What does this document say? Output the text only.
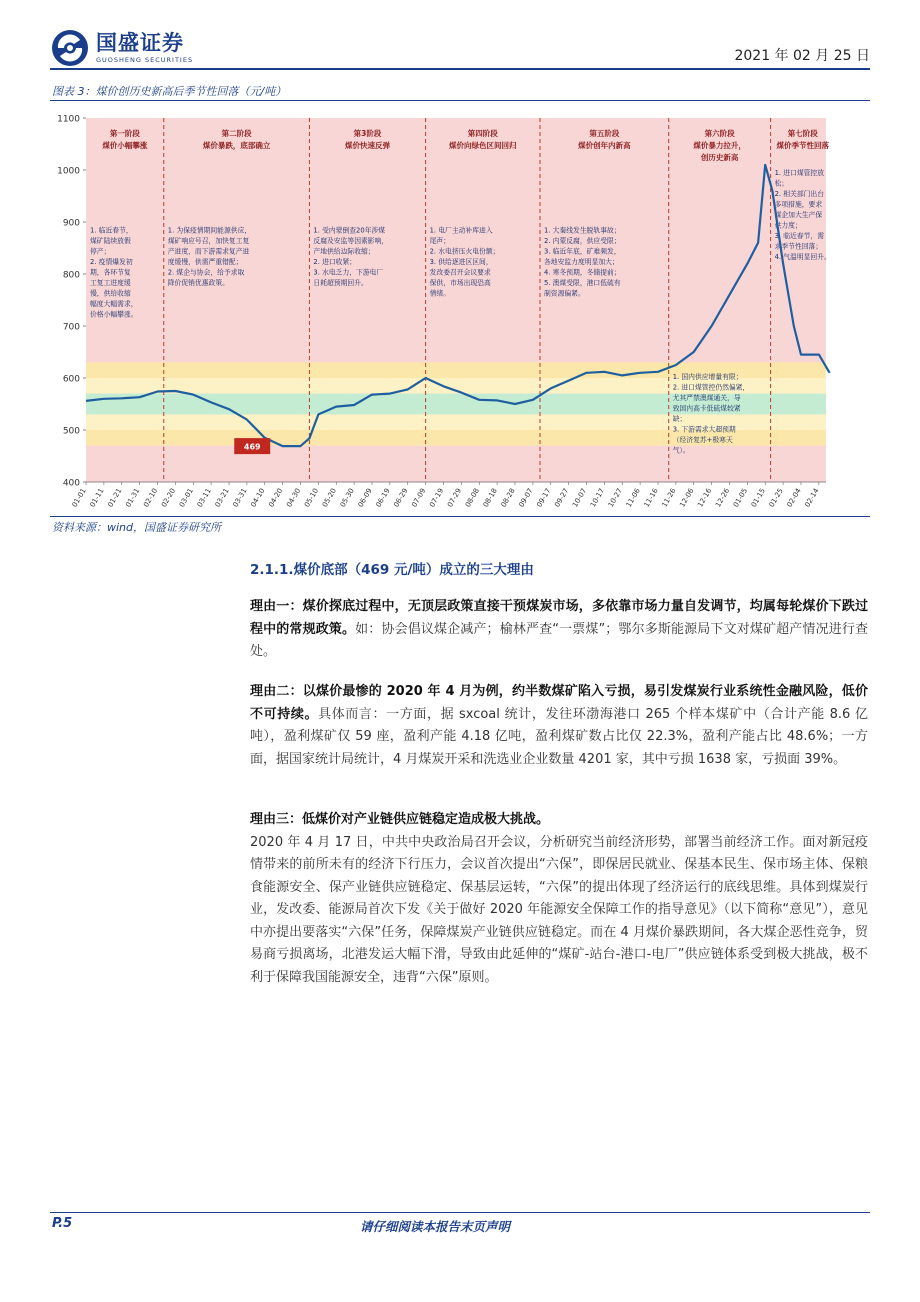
国盛证券
GUOSHENG SECURITIES	2021 年 02 月 25 日
图表 3：煤价创历史新高后季节性回落（元/吨）
第一阶段煤价小幅攀涨
1. 临近春节，煤矿陆续放假停产； 2. 疫情爆发初期，各环节复工复工进度缓慢，供给收缩幅度大幅需求，价格小幅攀涨。
第二阶段煤价暴跌，底部确立
1. 为保疫情期间能源供应，煤矿响应号召，加快复工复产进度，而下游需求复产进度缓慢，供需严重错配； 2. 煤企与协会，给予求取降价促销优惠政策。
第3阶段煤价快速反弹
1. 受内蒙倒查20年涉煤反腐及安监等因素影响，产地供给边际收缩； 2. 进口收紧； 3. 水电乏力，下游电厂日耗超预期回升。
第四阶段煤价向绿色区间回归
1. 电厂主动补库进入尾声； 2. 水电挤压火电份额； 3. 供给逐进区区间，发改委召开会议要求保供，市场出现恐高情绪。
第五阶段煤价创年内新高
1. 大秦线发生脱轨事故； 2. 内蒙反腐，供应受限； 3. 临近年底，矿难频发，各地安监力度明显加大； 4. 寒冬预期，冬储提前； 5. 澳煤受限，港口低硫有制资源偏紧。
第六阶段煤价暴力拉升，创历史新高
1. 国内供应增量有限； 2. 进口煤管控仍然偏紧，尤其严禁澳煤通关，导致国内高卡低硫煤较紧缺； 3. 下游需求大超预期（经济复苏+极寒天气）。
第七阶段煤价季节性回落
1. 进口煤管控放松； 2. 相关部门出台多项措施，要求煤企加大生产保供力度； 3. 临近春节，需求季节性回落； 4. 气温明显回升。
400
500
600
700
800
900
1000
1100
01-01 01-11 01-21 01-31 02-10 02-20 03-01 03-11 03-21 03-31 04-10 04-20 04-30 05-10 05-20 05-30 06-09 06-19 06-29 07-09 07-19 07-29 08-08 08-18 08-28 09-07 09-17 09-27 10-07 10-17 10-27 11-06 11-16 11-26 12-06 12-16 12-26 01-05 01-15 01-25 02-04 02-14
469
资料来源：wind，国盛证券研究所
2.1.1.煤价底部（469 元/吨）成立的三大理由
理由一：煤价探底过程中，无顶层政策直接干预煤炭市场，多依靠市场力量自发调节，均属每轮煤价下跌过程中的常规政策。如：协会倡议煤企减产；榆林严查“一票煤”；鄂尔多斯能源局下文对煤矿超产情况进行查处。
理由二：以煤价最惨的 2020 年 4 月为例，约半数煤矿陷入亏损，易引发煤炭行业系统性金融风险，低价不可持续。具体而言：一方面，据 sxcoal 统计，发往环渤海港口 265 个样本煤矿中（合计产能 8.6 亿吨），盈利煤矿仅 59 座，盈利产能 4.18 亿吨，盈利煤矿数占比仅 22.3%，盈利产能占比 48.6%；一方面，据国家统计局统计，4 月煤炭开采和洗选业企业数量 4201 家，其中亏损 1638 家，亏损面 39%。
理由三：低煤价对产业链供应链稳定造成极大挑战。
2020 年 4 月 17 日，中共中央政治局召开会议，分析研究当前经济形势，部署当前经济工作。面对新冠疫情带来的前所未有的经济下行压力，会议首次提出“六保”，即保居民就业、保基本民生、保市场主体、保粮食能源安全、保产业链供应链稳定、保基层运转，“六保”的提出体现了经济运行的底线思维。具体到煤炭行业，发改委、能源局首次下发《关于做好 2020 年能源安全保障工作的指导意见》（以下简称“意见”），意见中亦提出要落实“六保”任务，保障煤炭产业链供应链稳定。而在 4 月煤价暴跌期间，各大煤企恶性竞争，贸易商亏损离场，北港发运大幅下滑，导致由此延伸的“煤矿-站台-港口-电厂”供应链体系受到极大挑战，极不利于保障我国能源安全，违背“六保”原则。
P.5	请仔细阅读本报告末页声明
